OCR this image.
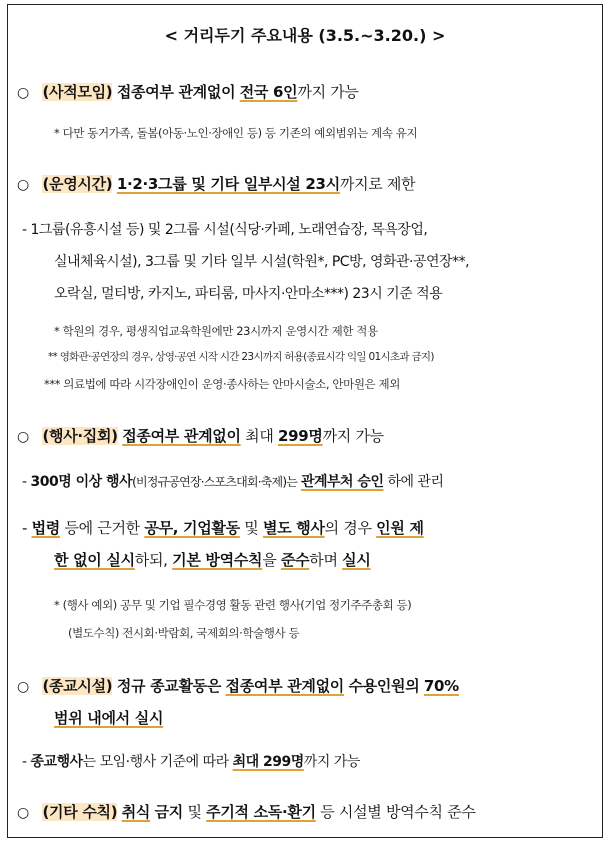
< 거리두기 주요내용 (3.5.~3.20.) >
○ (사적모임) 접종여부 관계없이 전국 6인까지 가능
* 다만 동거가족, 돌봄(아동·노인·장애인 등) 등 기존의 예외범위는 계속 유지
○ (운영시간) 1·2·3그룹 및 기타 일부시설 23시까지로 제한
- 1그룹(유흥시설 등) 및 2그룹 시설(식당·카페, 노래연습장, 목욕장업,
실내체육시설), 3그룹 및 기타 일부 시설(학원*, PC방, 영화관·공연장**,
오락실, 멀티방, 카지노, 파티룸, 마사지·안마소***) 23시 기준 적용
* 학원의 경우, 평생직업교육학원에만 23시까지 운영시간 제한 적용
** 영화관·공연장의 경우, 상영·공연 시작 시간 23시까지 허용(종료시각 익일 01시초과 금지)
*** 의료법에 따라 시각장애인이 운영·종사하는 안마시술소, 안마원은 제외
○ (행사·집회) 접종여부 관계없이 최대 299명까지 가능
- 300명 이상 행사(비정규공연장·스포츠대회·축제)는 관계부처 승인 하에 관리
- 법령 등에 근거한 공무, 기업활동 및 별도 행사의 경우 인원 제
한 없이 실시하되, 기본 방역수칙을 준수하며 실시
* (행사 예외) 공무 및 기업 필수경영 활동 관련 행사(기업 정기주주총회 등)
(별도수칙) 전시회·박람회, 국제회의·학술행사 등
○ (종교시설) 정규 종교활동은 접종여부 관계없이 수용인원의 70%
범위 내에서 실시
- 종교행사는 모임·행사 기준에 따라 최대 299명까지 가능
○ (기타 수칙) 취식 금지 및 주기적 소독·환기 등 시설별 방역수칙 준수
